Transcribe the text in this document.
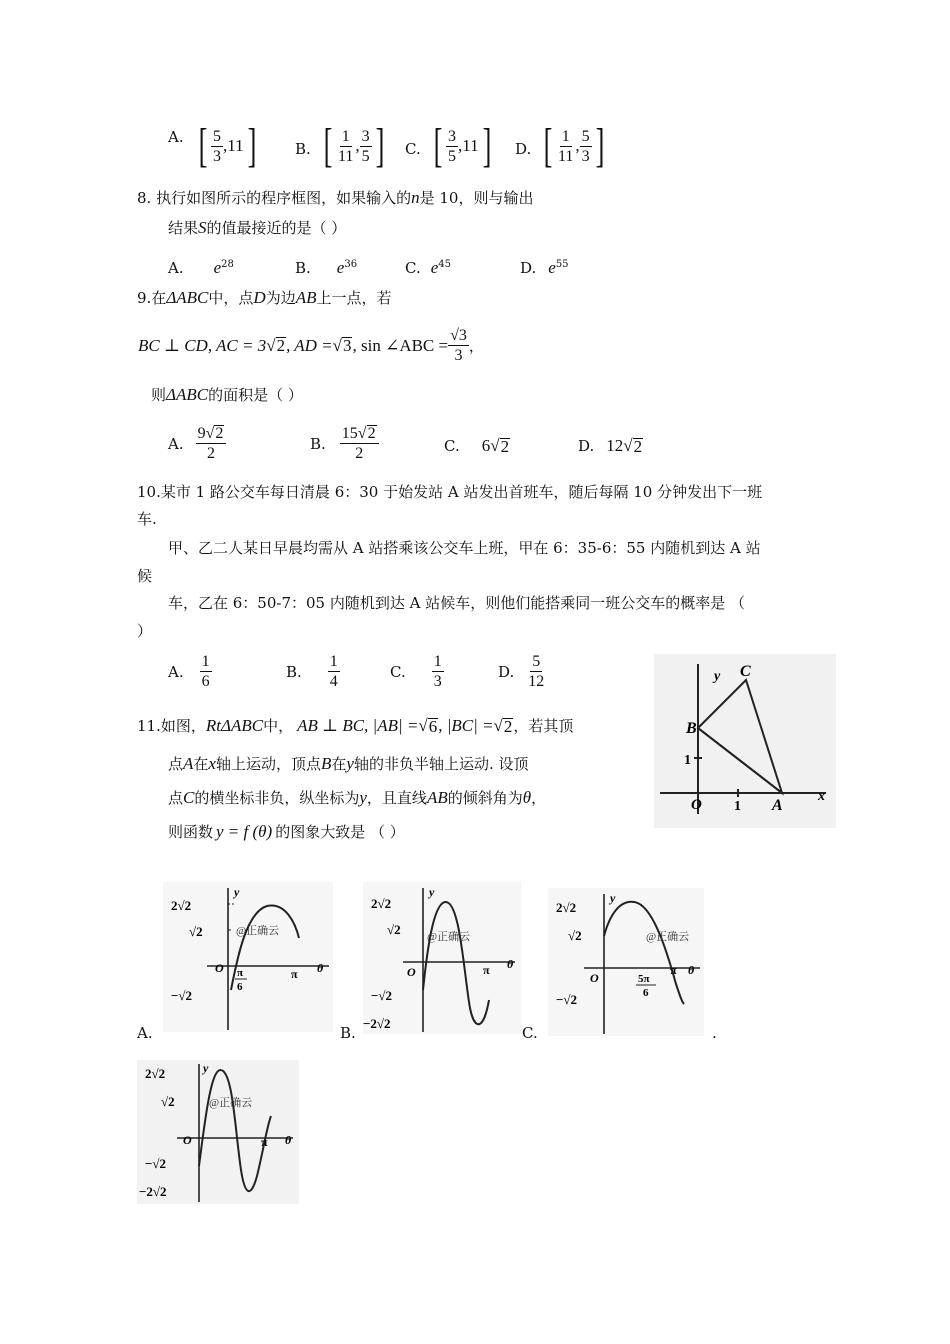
A. [ $\frac{5}{3} ,11$ ]	B. [ $\frac{1}{11}$ , $\frac{3}{5}$ ] C. [ $\frac{3}{5} ,11$ ] D. [ $\frac{1}{11}$ , $\frac{5}{3}$ ]
8. 执行如图所示的程序框图，如果输入的n是 10，则与输出
结果S的值最接近的是（ ）
A. $e^{28}$	B. $e^{36}$	C. $e^{45}$	D. $e^{55}$
9.在ΔABC中，点D为边AB上一点，若
BC ⊥ CD, AC = 3 √ 2 , AD = √ 3 , sin ∠ABC = $\frac{√3}{3}$ ，
则ΔABC的面积是（ ）
A. $\frac{9√2}{2}$	B. $\frac{15√2}{2}$	C. 6 √ 2	D. 12 √ 2
10.某市 1 路公交车每日清晨 6：30 于始发站 A 站发出首班车，随后每隔 10 分钟发出下一班
车.
甲、乙二人某日早晨均需从 A 站搭乘该公交车上班，甲在 6：35-6：55 内随机到达 A 站
候
车，乙在 6：50-7：05 内随机到达 A 站候车，则他们能搭乘同一班公交车的概率是 （
）
A. $\frac{1}{6}$	B. $\frac{1}{4}$	C. $\frac{1}{3}$	D. $\frac{5}{12}$
11.如图， RtΔABC 中， AB ⊥ BC, |AB| = √ 6 , |BC| = √ 2 ，若其顶
点A在x轴上运动，顶点B在y轴的非负半轴上运动. 设顶
点C的横坐标非负，纵坐标为y，且直线AB的倾斜角为θ，
则函数 y = f (θ) 的图象大致是 （ ）
y C
B
1
O 1 A
x
A.
y
2√2
√2	@正确云
O π
6
π θ
−√2
B.
y
2√2
√2 @正确云
O	π θ
−√2
−2√2
C.
y
2√2
√2	@正确云
O	5π
6
π θ
−√2
.
y
2√2
√2	@正确云
O	π θ
−√2
−2√2
